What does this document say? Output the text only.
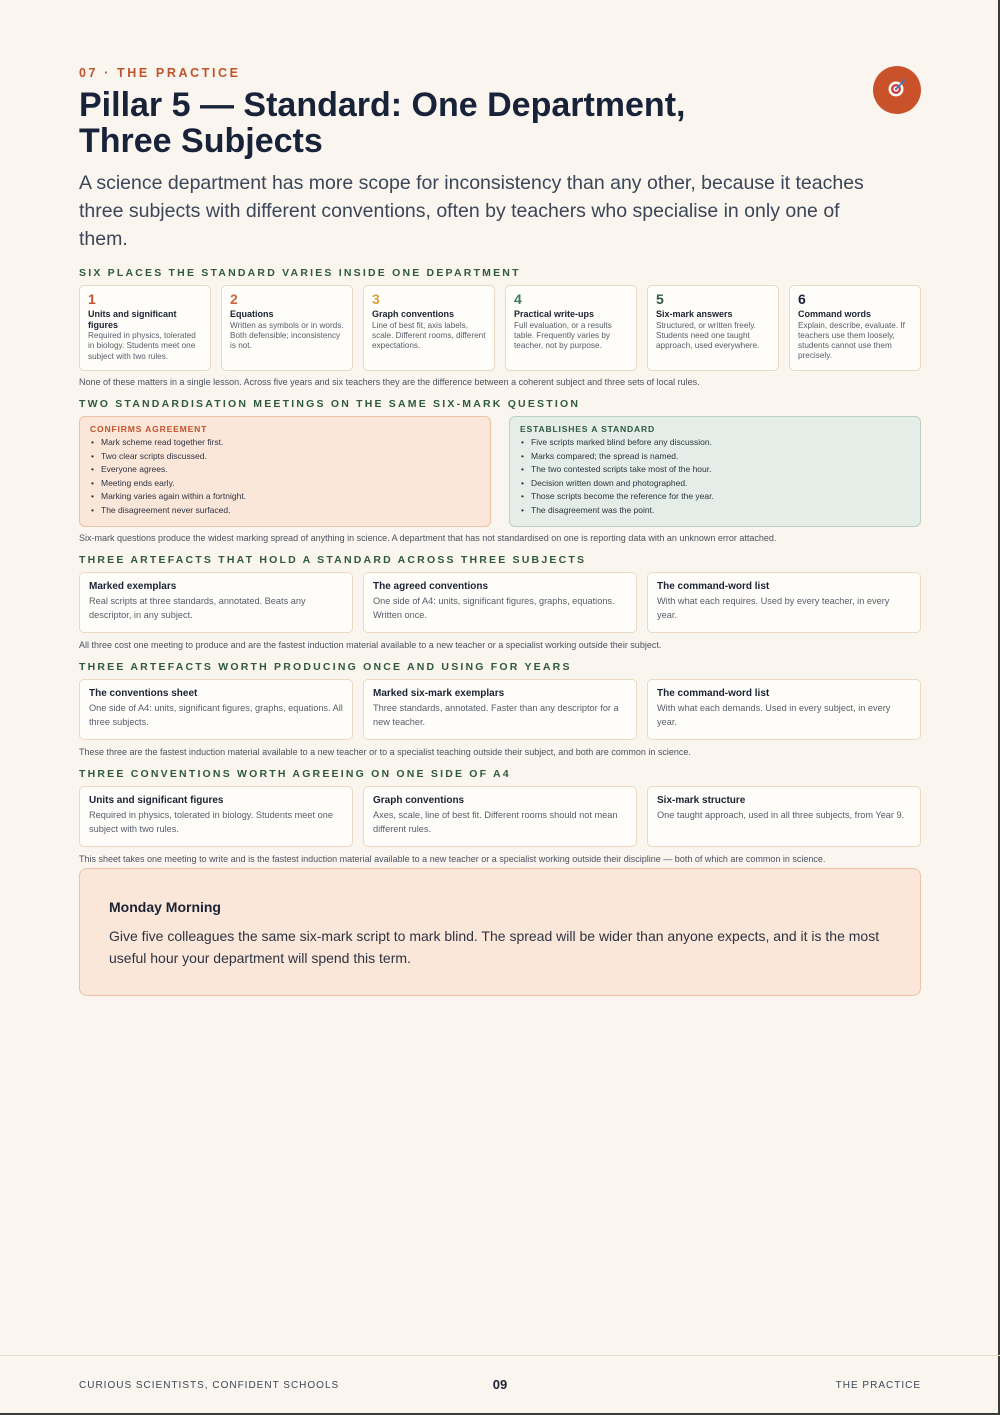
07 · THE PRACTICE
Pillar 5 — Standard: One Department, Three Subjects

A science department has more scope for inconsistency than any other, because it teaches three subjects with different conventions, often by teachers who specialise in only one of them.

SIX PLACES THE STANDARD VARIES INSIDE ONE DEPARTMENT
1
Units and significant figures
Required in physics, tolerated in biology. Students meet one subject with two rules.
2
Equations
Written as symbols or in words. Both defensible; inconsistency is not.
3
Graph conventions
Line of best fit, axis labels, scale. Different rooms, different expectations.
4
Practical write-ups
Full evaluation, or a results table. Frequently varies by teacher, not by purpose.
5
Six-mark answers
Structured, or written freely. Students need one taught approach, used everywhere.
6
Command words
Explain, describe, evaluate. If teachers use them loosely, students cannot use them precisely.

None of these matters in a single lesson. Across five years and six teachers they are the difference between a coherent subject and three sets of local rules.

TWO STANDARDISATION MEETINGS ON THE SAME SIX-MARK QUESTION
CONFIRMS AGREEMENT
• Mark scheme read together first.
• Two clear scripts discussed.
• Everyone agrees.
• Meeting ends early.
• Marking varies again within a fortnight.
• The disagreement never surfaced.
ESTABLISHES A STANDARD
• Five scripts marked blind before any discussion.
• Marks compared; the spread is named.
• The two contested scripts take most of the hour.
• Decision written down and photographed.
• Those scripts become the reference for the year.
• The disagreement was the point.

Six-mark questions produce the widest marking spread of anything in science. A department that has not standardised on one is reporting data with an unknown error attached.

THREE ARTEFACTS THAT HOLD A STANDARD ACROSS THREE SUBJECTS
Marked exemplars
Real scripts at three standards, annotated. Beats any descriptor, in any subject.
The agreed conventions
One side of A4: units, significant figures, graphs, equations. Written once.
The command-word list
With what each requires. Used by every teacher, in every year.

All three cost one meeting to produce and are the fastest induction material available to a new teacher or a specialist working outside their subject.

THREE ARTEFACTS WORTH PRODUCING ONCE AND USING FOR YEARS
The conventions sheet
One side of A4: units, significant figures, graphs, equations. All three subjects.
Marked six-mark exemplars
Three standards, annotated. Faster than any descriptor for a new teacher.
The command-word list
With what each demands. Used in every subject, in every year.

These three are the fastest induction material available to a new teacher or to a specialist teaching outside their subject, and both are common in science.

THREE CONVENTIONS WORTH AGREEING ON ONE SIDE OF A4
Units and significant figures
Required in physics, tolerated in biology. Students meet one subject with two rules.
Graph conventions
Axes, scale, line of best fit. Different rooms should not mean different rules.
Six-mark structure
One taught approach, used in all three subjects, from Year 9.

This sheet takes one meeting to write and is the fastest induction material available to a new teacher or a specialist working outside their discipline — both of which are common in science.

Monday Morning

Give five colleagues the same six-mark script to mark blind. The spread will be wider than anyone expects, and it is the most useful hour your department will spend this term.

CURIOUS SCIENTISTS, CONFIDENT SCHOOLS	09	THE PRACTICE
